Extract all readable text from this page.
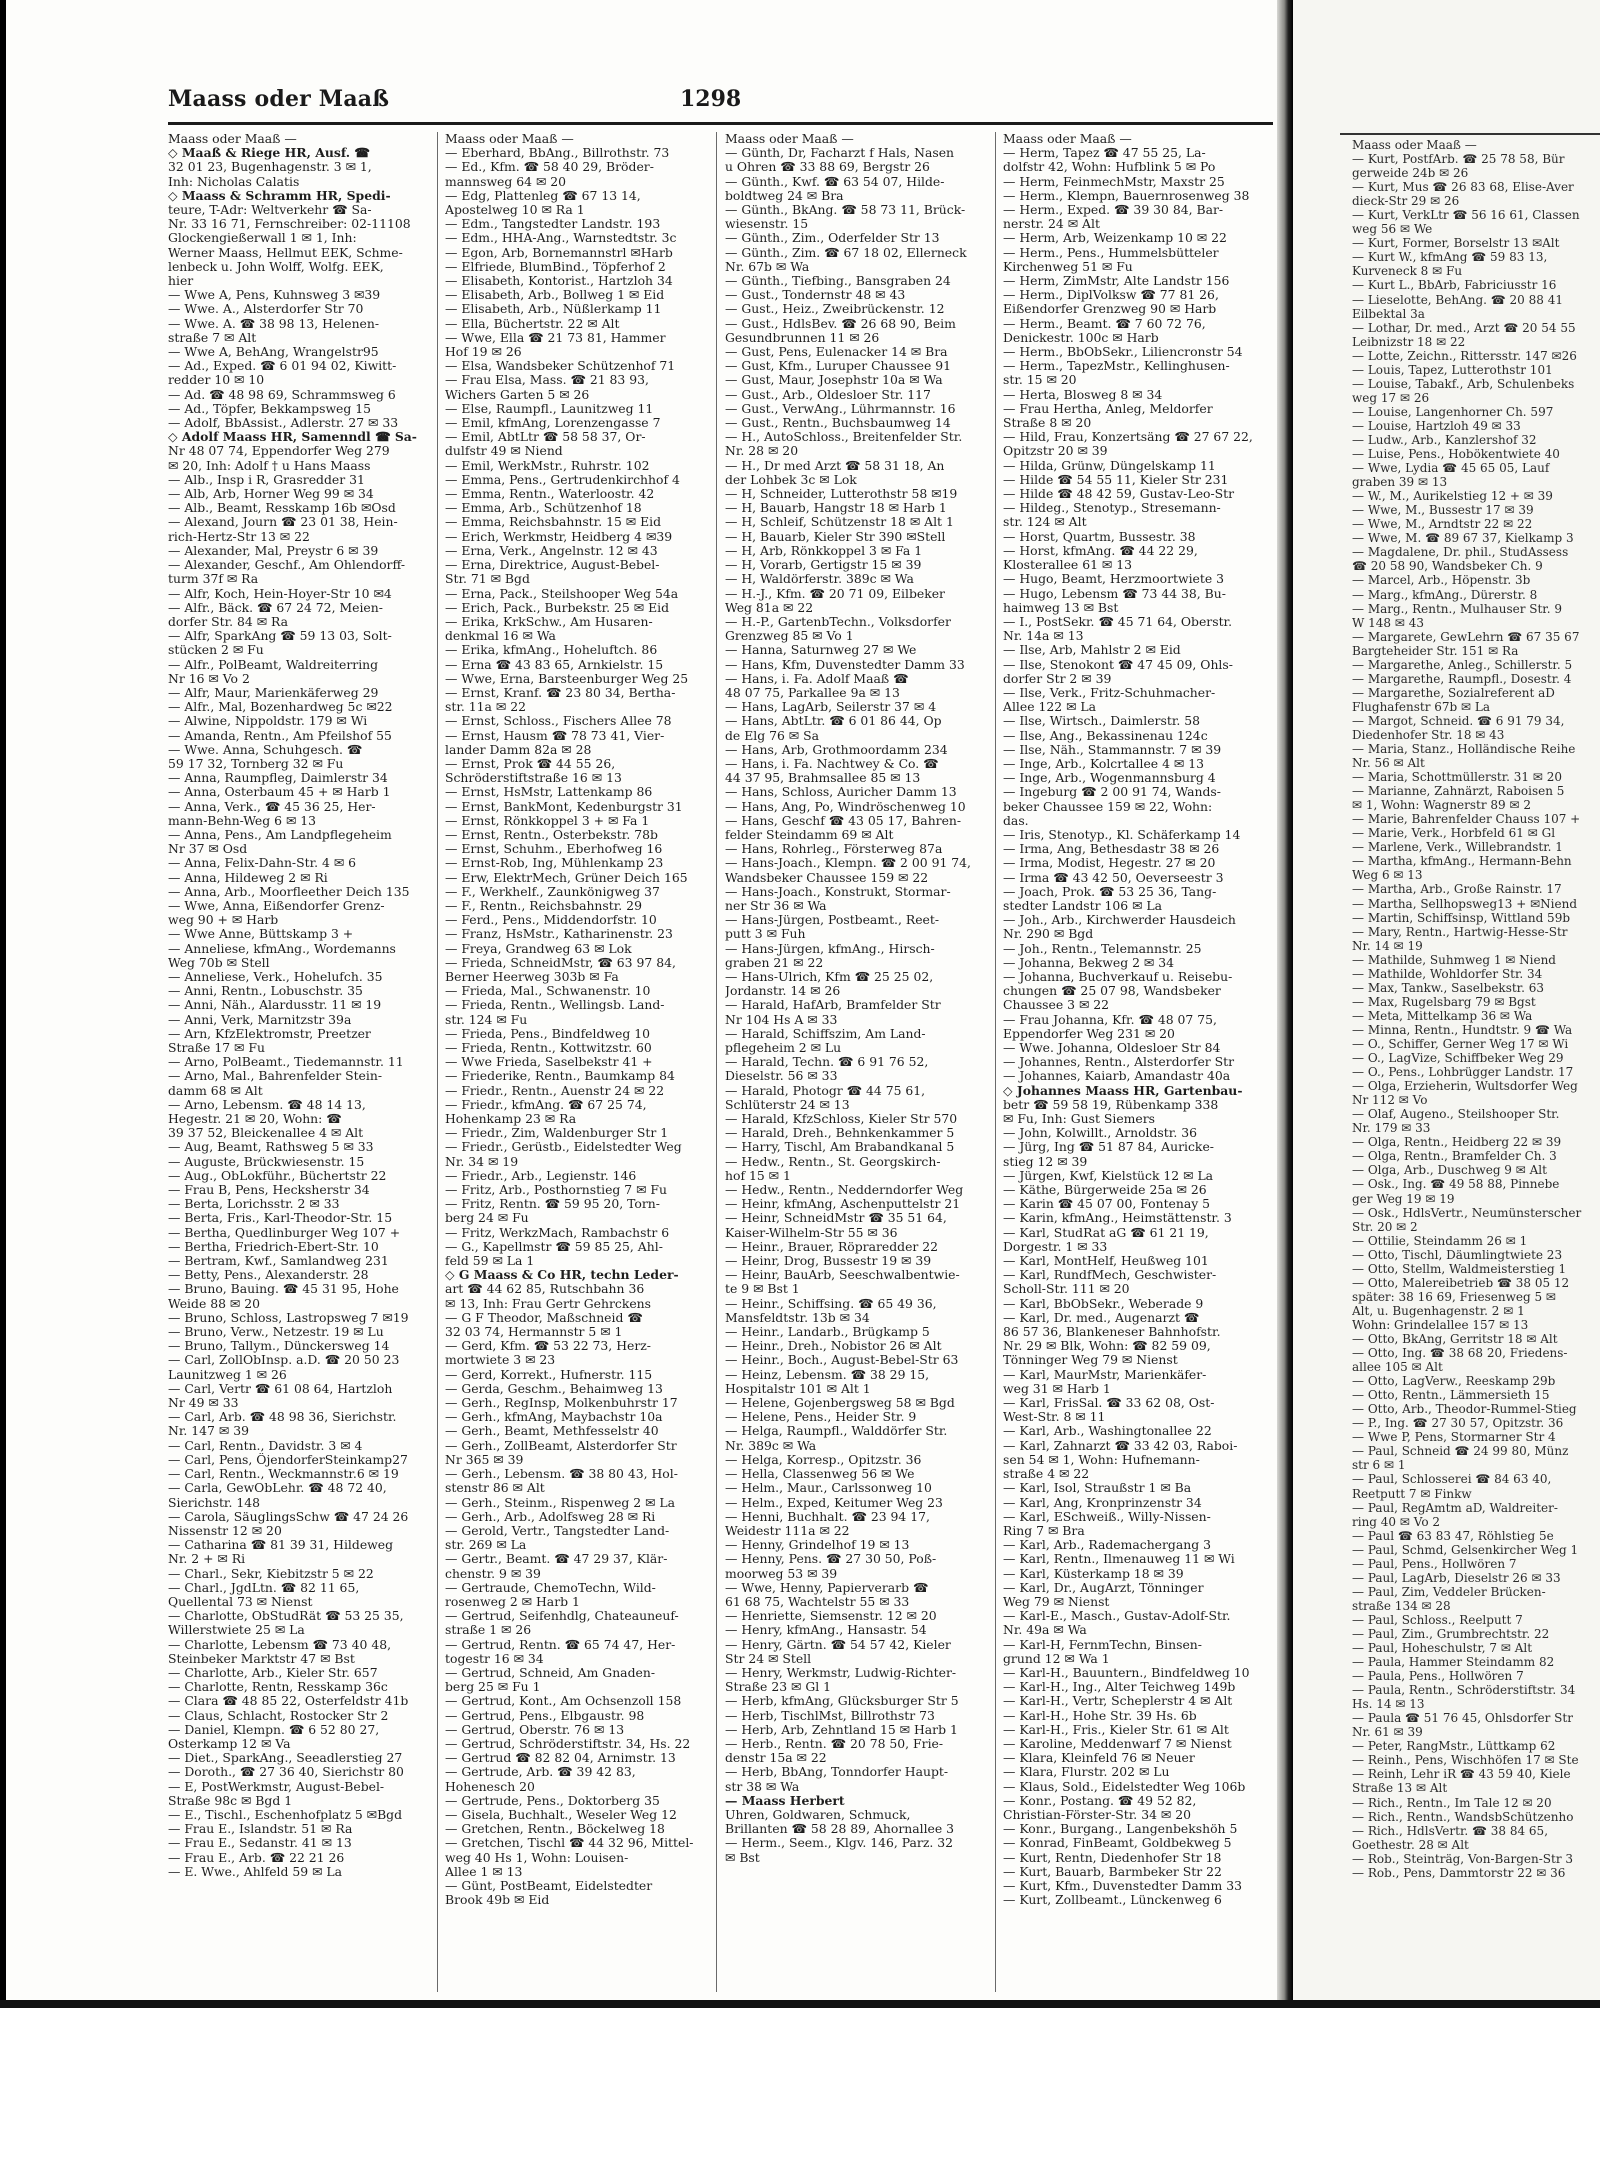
Maass oder Maaß	1298
Maass oder Maaß —
◇ Maaß & Riege HR, Ausf. ☎
32 01 23, Bugenhagenstr. 3 ✉ 1,
Inh: Nicholas Calatis
◇ Maass & Schramm HR, Spedi-
teure, T-Adr: Weltverkehr ☎ Sa-
Nr. 33 16 71, Fernschreiber: 02-11108
Glockengießerwall 1 ✉ 1, Inh:
Werner Maass, Hellmut EEK, Schme-
lenbeck u. John Wolff, Wolfg. EEK,
hier
— Wwe A, Pens, Kuhnsweg 3 ✉39
— Wwe. A., Alsterdorfer Str 70
— Wwe. A. ☎ 38 98 13, Helenen-
straße 7 ✉ Alt
— Wwe A, BehAng, Wrangelstr95
— Ad., Exped. ☎ 6 01 94 02, Kiwitt-
redder 10 ✉ 10
— Ad. ☎ 48 98 69, Schrammsweg 6
— Ad., Töpfer, Bekkampsweg 15
— Adolf, BbAssist., Adlerstr. 27 ✉ 33
◇ Adolf Maass HR, Samenndl ☎ Sa-
Nr 48 07 74, Eppendorfer Weg 279
✉ 20, Inh: Adolf † u Hans Maass
— Alb., Insp i R, Grasredder 31
— Alb, Arb, Horner Weg 99 ✉ 34
— Alb., Beamt, Resskamp 16b ✉Osd
— Alexand, Journ ☎ 23 01 38, Hein-
rich-Hertz-Str 13 ✉ 22
— Alexander, Mal, Preystr 6 ✉ 39
— Alexander, Geschf., Am Ohlendorff-
turm 37f ✉ Ra
— Alfr, Koch, Hein-Hoyer-Str 10 ✉4
— Alfr., Bäck. ☎ 67 24 72, Meien-
dorfer Str. 84 ✉ Ra
— Alfr, SparkAng ☎ 59 13 03, Solt-
stücken 2 ✉ Fu
— Alfr., PolBeamt, Waldreiterring
Nr 16 ✉ Vo 2
— Alfr, Maur, Marienkäferweg 29
— Alfr., Mal, Bozenhardweg 5c ✉22
— Alwine, Nippoldstr. 179 ✉ Wi
— Amanda, Rentn., Am Pfeilshof 55
— Wwe. Anna, Schuhgesch. ☎
59 17 32, Tornberg 32 ✉ Fu
— Anna, Raumpfleg, Daimlerstr 34
— Anna, Osterbaum 45 + ✉ Harb 1
— Anna, Verk., ☎ 45 36 25, Her-
mann-Behn-Weg 6 ✉ 13
— Anna, Pens., Am Landpflegeheim
Nr 37 ✉ Osd
— Anna, Felix-Dahn-Str. 4 ✉ 6
— Anna, Hildeweg 2 ✉ Ri
— Anna, Arb., Moorfleether Deich 135
— Wwe, Anna, Eißendorfer Grenz-
weg 90 + ✉ Harb
— Wwe Anne, Büttskamp 3 +
— Anneliese, kfmAng., Wordemanns
Weg 70b ✉ Stell
— Anneliese, Verk., Hohelufch. 35
— Anni, Rentn., Lobuschstr. 35
— Anni, Näh., Alardusstr. 11 ✉ 19
— Anni, Verk, Marnitzstr 39a
— Arn, KfzElektromstr, Preetzer
Straße 17 ✉ Fu
— Arno, PolBeamt., Tiedemannstr. 11
— Arno, Mal., Bahrenfelder Stein-
damm 68 ✉ Alt
— Arno, Lebensm. ☎ 48 14 13,
Hegestr. 21 ✉ 20, Wohn: ☎
39 37 52, Bleickenallee 4 ✉ Alt
— Aug, Beamt, Rathsweg 5 ✉ 33
— Auguste, Brückwiesenstr. 15
— Aug., ObLokführ., Büchertstr 22
— Frau B, Pens, Hecksherstr 34
— Berta, Lorichsstr. 2 ✉ 33
— Berta, Fris., Karl-Theodor-Str. 15
— Bertha, Quedlinburger Weg 107 +
— Bertha, Friedrich-Ebert-Str. 10
— Bertram, Kwf., Samlandweg 231
— Betty, Pens., Alexanderstr. 28
— Bruno, Bauing. ☎ 45 31 95, Hohe
Weide 88 ✉ 20
— Bruno, Schloss, Lastropsweg 7 ✉19
— Bruno, Verw., Netzestr. 19 ✉ Lu
— Bruno, Tallym., Dünckersweg 14
— Carl, ZollObInsp. a.D. ☎ 20 50 23
Launitzweg 1 ✉ 26
— Carl, Vertr ☎ 61 08 64, Hartzloh
Nr 49 ✉ 33
— Carl, Arb. ☎ 48 98 36, Sierichstr.
Nr. 147 ✉ 39
— Carl, Rentn., Davidstr. 3 ✉ 4
— Carl, Pens, ÖjendorferSteinkamp27
— Carl, Rentn., Weckmannstr.6 ✉ 19
— Carla, GewObLehr. ☎ 48 72 40,
Sierichstr. 148
— Carola, SäuglingsSchw ☎ 47 24 26
Nissenstr 12 ✉ 20
— Catharina ☎ 81 39 31, Hildeweg
Nr. 2 + ✉ Ri
— Charl., Sekr, Kiebitzstr 5 ✉ 22
— Charl., JgdLtn. ☎ 82 11 65,
Quellental 73 ✉ Nienst
— Charlotte, ObStudRät ☎ 53 25 35,
Willerstwiete 25 ✉ La
— Charlotte, Lebensm ☎ 73 40 48,
Steinbeker Marktstr 47 ✉ Bst
— Charlotte, Arb., Kieler Str. 657
— Charlotte, Rentn, Resskamp 36c
— Clara ☎ 48 85 22, Osterfeldstr 41b
— Claus, Schlacht, Rostocker Str 2
— Daniel, Klempn. ☎ 6 52 80 27,
Osterkamp 12 ✉ Va
— Diet., SparkAng., Seeadlerstieg 27
— Doroth., ☎ 27 36 40, Sierichstr 80
— E, PostWerkmstr, August-Bebel-
Straße 98c ✉ Bgd 1
— E., Tischl., Eschenhofplatz 5 ✉Bgd
— Frau E., Islandstr. 51 ✉ Ra
— Frau E., Sedanstr. 41 ✉ 13
— Frau E., Arb. ☎ 22 21 26
— E. Wwe., Ahlfeld 59 ✉ La
Maass oder Maaß —
— Eberhard, BbAng., Billrothstr. 73
— Ed., Kfm. ☎ 58 40 29, Bröder-
mannsweg 64 ✉ 20
— Edg, Plattenleg ☎ 67 13 14,
Apostelweg 10 ✉ Ra 1
— Edm., Tangstedter Landstr. 193
— Edm., HHA-Ang., Warnstedtstr. 3c
— Egon, Arb, Bornemannstrl ✉Harb
— Elfriede, BlumBind., Töpferhof 2
— Elisabeth, Kontorist., Hartzloh 34
— Elisabeth, Arb., Bollweg 1 ✉ Eid
— Elisabeth, Arb., Nüßlerkamp 11
— Ella, Büchertstr. 22 ✉ Alt
— Wwe, Ella ☎ 21 73 81, Hammer
Hof 19 ✉ 26
— Elsa, Wandsbeker Schützenhof 71
— Frau Elsa, Mass. ☎ 21 83 93,
Wichers Garten 5 ✉ 26
— Else, Raumpfl., Launitzweg 11
— Emil, kfmAng, Lorenzengasse 7
— Emil, AbtLtr ☎ 58 58 37, Or-
dulfstr 49 ✉ Niend
— Emil, WerkMstr., Ruhrstr. 102
— Emma, Pens., Gertrudenkirchhof 4
— Emma, Rentn., Waterloostr. 42
— Emma, Arb., Schützenhof 18
— Emma, Reichsbahnstr. 15 ✉ Eid
— Erich, Werkmstr, Heidberg 4 ✉39
— Erna, Verk., Angelnstr. 12 ✉ 43
— Erna, Direktrice, August-Bebel-
Str. 71 ✉ Bgd
— Erna, Pack., Steilshooper Weg 54a
— Erich, Pack., Burbekstr. 25 ✉ Eid
— Erika, KrkSchw., Am Husaren-
denkmal 16 ✉ Wa
— Erika, kfmAng., Hoheluftch. 86
— Erna ☎ 43 83 65, Arnkielstr. 15
— Wwe, Erna, Barsteenburger Weg 25
— Ernst, Kranf. ☎ 23 80 34, Bertha-
str. 11a ✉ 22
— Ernst, Schloss., Fischers Allee 78
— Ernst, Hausm ☎ 78 73 41, Vier-
lander Damm 82a ✉ 28
— Ernst, Prok ☎ 44 55 26,
Schröderstiftstraße 16 ✉ 13
— Ernst, HsMstr, Lattenkamp 86
— Ernst, BankMont, Kedenburgstr 31
— Ernst, Rönkkoppel 3 + ✉ Fa 1
— Ernst, Rentn., Osterbekstr. 78b
— Ernst, Schuhm., Eberhofweg 16
— Ernst-Rob, Ing, Mühlenkamp 23
— Erw, ElektrMech, Grüner Deich 165
— F., Werkhelf., Zaunkönigweg 37
— F., Rentn., Reichsbahnstr. 29
— Ferd., Pens., Middendorfstr. 10
— Franz, HsMstr., Katharinenstr. 23
— Freya, Grandweg 63 ✉ Lok
— Frieda, SchneidMstr, ☎ 63 97 84,
Berner Heerweg 303b ✉ Fa
— Frieda, Mal., Schwanenstr. 10
— Frieda, Rentn., Wellingsb. Land-
str. 124 ✉ Fu
— Frieda, Pens., Bindfeldweg 10
— Frieda, Rentn., Kottwitzstr. 60
— Wwe Frieda, Saselbekstr 41 +
— Friederike, Rentn., Baumkamp 84
— Friedr., Rentn., Auenstr 24 ✉ 22
— Friedr., kfmAng. ☎ 67 25 74,
Hohenkamp 23 ✉ Ra
— Friedr., Zim, Waldenburger Str 1
— Friedr., Gerüstb., Eidelstedter Weg
Nr. 34 ✉ 19
— Friedr., Arb., Legienstr. 146
— Fritz, Arb., Posthornstieg 7 ✉ Fu
— Fritz, Rentn. ☎ 59 95 20, Torn-
berg 24 ✉ Fu
— Fritz, WerkzMach, Rambachstr 6
— G., Kapellmstr ☎ 59 85 25, Ahl-
feld 59 ✉ La 1
◇ G Maass & Co HR, techn Leder-
art ☎ 44 62 85, Rutschbahn 36
✉ 13, Inh: Frau Gertr Gehrckens
— G F Theodor, Maßschneid ☎
32 03 74, Hermannstr 5 ✉ 1
— Gerd, Kfm. ☎ 53 22 73, Herz-
mortwiete 3 ✉ 23
— Gerd, Korrekt., Hufnerstr. 115
— Gerda, Geschm., Behaimweg 13
— Gerh., RegInsp, Molkenbuhrstr 17
— Gerh., kfmAng, Maybachstr 10a
— Gerh., Beamt, Methfesselstr 40
— Gerh., ZollBeamt, Alsterdorfer Str
Nr 365 ✉ 39
— Gerh., Lebensm. ☎ 38 80 43, Hol-
stenstr 86 ✉ Alt
— Gerh., Steinm., Rispenweg 2 ✉ La
— Gerh., Arb., Adolfsweg 28 ✉ Ri
— Gerold, Vertr., Tangstedter Land-
str. 269 ✉ La
— Gertr., Beamt. ☎ 47 29 37, Klär-
chenstr. 9 ✉ 39
— Gertraude, ChemoTechn, Wild-
rosenweg 2 ✉ Harb 1
— Gertrud, Seifenhdlg, Chateauneuf-
straße 1 ✉ 26
— Gertrud, Rentn. ☎ 65 74 47, Her-
togestr 16 ✉ 34
— Gertrud, Schneid, Am Gnaden-
berg 25 ✉ Fu 1
— Gertrud, Kont., Am Ochsenzoll 158
— Gertrud, Pens., Elbgaustr. 98
— Gertrud, Oberstr. 76 ✉ 13
— Gertrud, Schröderstiftstr. 34, Hs. 22
— Gertrud ☎ 82 82 04, Arnimstr. 13
— Gertrude, Arb. ☎ 39 42 83,
Hohenesch 20
— Gertrude, Pens., Doktorberg 35
— Gisela, Buchhalt., Weseler Weg 12
— Gretchen, Rentn., Böckelweg 18
— Gretchen, Tischl ☎ 44 32 96, Mittel-
weg 40 Hs 1, Wohn: Louisen-
Allee 1 ✉ 13
— Günt, PostBeamt, Eidelstedter
Brook 49b ✉ Eid
Maass oder Maaß —
— Günth, Dr, Facharzt f Hals, Nasen
u Ohren ☎ 33 88 69, Bergstr 26
— Günth., Kwf. ☎ 63 54 07, Hilde-
boldtweg 24 ✉ Bra
— Günth., BkAng. ☎ 58 73 11, Brück-
wiesenstr. 15
— Günth., Zim., Oderfelder Str 13
— Günth., Zim. ☎ 67 18 02, Ellerneck
Nr. 67b ✉ Wa
— Günth., Tiefbing., Bansgraben 24
— Gust., Tondernstr 48 ✉ 43
— Gust., Heiz., Zweibrückenstr. 12
— Gust., HdlsBev. ☎ 26 68 90, Beim
Gesundbrunnen 11 ✉ 26
— Gust, Pens, Eulenacker 14 ✉ Bra
— Gust, Kfm., Luruper Chaussee 91
— Gust, Maur, Josephstr 10a ✉ Wa
— Gust., Arb., Oldesloer Str. 117
— Gust., VerwAng., Lührmannstr. 16
— Gust., Rentn., Buchsbaumweg 14
— H., AutoSchloss., Breitenfelder Str.
Nr. 28 ✉ 20
— H., Dr med Arzt ☎ 58 31 18, An
der Lohbek 3c ✉ Lok
— H, Schneider, Lutterothstr 58 ✉19
— H, Bauarb, Hangstr 18 ✉ Harb 1
— H, Schleif, Schützenstr 18 ✉ Alt 1
— H, Bauarb, Kieler Str 390 ✉Stell
— H, Arb, Rönkkoppel 3 ✉ Fa 1
— H, Vorarb, Gertigstr 15 ✉ 39
— H, Waldörferstr. 389c ✉ Wa
— H.-J., Kfm. ☎ 20 71 09, Eilbeker
Weg 81a ✉ 22
— H.-P., GartenbTechn., Volksdorfer
Grenzweg 85 ✉ Vo 1
— Hanna, Saturnweg 27 ✉ We
— Hans, Kfm, Duvenstedter Damm 33
— Hans, i. Fa. Adolf Maaß ☎
48 07 75, Parkallee 9a ✉ 13
— Hans, LagArb, Seilerstr 37 ✉ 4
— Hans, AbtLtr. ☎ 6 01 86 44, Op
de Elg 76 ✉ Sa
— Hans, Arb, Grothmoordamm 234
— Hans, i. Fa. Nachtwey & Co. ☎
44 37 95, Brahmsallee 85 ✉ 13
— Hans, Schloss, Auricher Damm 13
— Hans, Ang, Po, Windröschenweg 10
— Hans, Geschf ☎ 43 05 17, Bahren-
felder Steindamm 69 ✉ Alt
— Hans, Rohrleg., Försterweg 87a
— Hans-Joach., Klempn. ☎ 2 00 91 74,
Wandsbeker Chaussee 159 ✉ 22
— Hans-Joach., Konstrukt, Stormar-
ner Str 36 ✉ Wa
— Hans-Jürgen, Postbeamt., Reet-
putt 3 ✉ Fuh
— Hans-Jürgen, kfmAng., Hirsch-
graben 21 ✉ 22
— Hans-Ulrich, Kfm ☎ 25 25 02,
Jordanstr. 14 ✉ 26
— Harald, HafArb, Bramfelder Str
Nr 104 Hs A ✉ 33
— Harald, Schiffszim, Am Land-
pflegeheim 2 ✉ Lu
— Harald, Techn. ☎ 6 91 76 52,
Dieselstr. 56 ✉ 33
— Harald, Photogr ☎ 44 75 61,
Schlüterstr 24 ✉ 13
— Harald, KfzSchloss, Kieler Str 570
— Harald, Dreh., Behnkenkammer 5
— Harry, Tischl, Am Brabandkanal 5
— Hedw., Rentn., St. Georgskirch-
hof 15 ✉ 1
— Hedw., Rentn., Nedderndorfer Weg
— Heinr, kfmAng, Aschenputtelstr 21
— Heinr, SchneidMstr ☎ 35 51 64,
Kaiser-Wilhelm-Str 55 ✉ 36
— Heinr., Brauer, Röpraredder 22
— Heinr, Drog, Bussestr 19 ✉ 39
— Heinr, BauArb, Seeschwalbentwie-
te 9 ✉ Bst 1
— Heinr., Schiffsing. ☎ 65 49 36,
Mansfeldtstr. 13b ✉ 34
— Heinr., Landarb., Brügkamp 5
— Heinr., Dreh., Nobistor 26 ✉ Alt
— Heinr., Boch., August-Bebel-Str 63
— Heinz, Lebensm. ☎ 38 29 15,
Hospitalstr 101 ✉ Alt 1
— Helene, Gojenbergsweg 58 ✉ Bgd
— Helene, Pens., Heider Str. 9
— Helga, Raumpfl., Walddörfer Str.
Nr. 389c ✉ Wa
— Helga, Korresp., Opitzstr. 36
— Hella, Classenweg 56 ✉ We
— Helm., Maur., Carlssonweg 10
— Helm., Exped, Keitumer Weg 23
— Henni, Buchhalt. ☎ 23 94 17,
Weidestr 111a ✉ 22
— Henny, Grindelhof 19 ✉ 13
— Henny, Pens. ☎ 27 30 50, Poß-
moorweg 53 ✉ 39
— Wwe, Henny, Papierverarb ☎
61 68 75, Wachtelstr 55 ✉ 33
— Henriette, Siemsenstr. 12 ✉ 20
— Henry, kfmAng., Hansastr. 54
— Henry, Gärtn. ☎ 54 57 42, Kieler
Str 24 ✉ Stell
— Henry, Werkmstr, Ludwig-Richter-
Straße 23 ✉ Gl 1
— Herb, kfmAng, Glücksburger Str 5
— Herb, TischlMst, Billrothstr 73
— Herb, Arb, Zehntland 15 ✉ Harb 1
— Herb., Rentn. ☎ 20 78 50, Frie-
denstr 15a ✉ 22
— Herb, BbAng, Tonndorfer Haupt-
str 38 ✉ Wa
— Maass Herbert
Uhren, Goldwaren, Schmuck,
Brillanten ☎ 58 28 89, Ahornallee 3
— Herm., Seem., Klgv. 146, Parz. 32
✉ Bst
Maass oder Maaß —
— Herm, Tapez ☎ 47 55 25, La-
dolfstr 42, Wohn: Hufblink 5 ✉ Po
— Herm, FeinmechMstr, Maxstr 25
— Herm., Klempn, Bauernrosenweg 38
— Herm., Exped. ☎ 39 30 84, Bar-
nerstr. 24 ✉ Alt
— Herm, Arb, Weizenkamp 10 ✉ 22
— Herm., Pens., Hummelsbütteler
Kirchenweg 51 ✉ Fu
— Herm, ZimMstr, Alte Landstr 156
— Herm., DiplVolksw ☎ 77 81 26,
Eißendorfer Grenzweg 90 ✉ Harb
— Herm., Beamt. ☎ 7 60 72 76,
Denickestr. 100c ✉ Harb
— Herm., BbObSekr., Liliencronstr 54
— Herm., TapezMstr., Kellinghusen-
str. 15 ✉ 20
— Herta, Blosweg 8 ✉ 34
— Frau Hertha, Anleg, Meldorfer
Straße 8 ✉ 20
— Hild, Frau, Konzertsäng ☎ 27 67 22,
Opitzstr 20 ✉ 39
— Hilda, Grünw, Düngelskamp 11
— Hilde ☎ 54 55 11, Kieler Str 231
— Hilde ☎ 48 42 59, Gustav-Leo-Str
— Hildeg., Stenotyp., Stresemann-
str. 124 ✉ Alt
— Horst, Quartm, Bussestr. 38
— Horst, kfmAng. ☎ 44 22 29,
Klosterallee 61 ✉ 13
— Hugo, Beamt, Herzmoortwiete 3
— Hugo, Lebensm ☎ 73 44 38, Bu-
haimweg 13 ✉ Bst
— I., PostSekr. ☎ 45 71 64, Oberstr.
Nr. 14a ✉ 13
— Ilse, Arb, Mahlstr 2 ✉ Eid
— Ilse, Stenokont ☎ 47 45 09, Ohls-
dorfer Str 2 ✉ 39
— Ilse, Verk., Fritz-Schuhmacher-
Allee 122 ✉ La
— Ilse, Wirtsch., Daimlerstr. 58
— Ilse, Ang., Bekassinenau 124c
— Ilse, Näh., Stammannstr. 7 ✉ 39
— Inge, Arb., Kolcrtallee 4 ✉ 13
— Inge, Arb., Wogenmannsburg 4
— Ingeburg ☎ 2 00 91 74, Wands-
beker Chaussee 159 ✉ 22, Wohn:
das.
— Iris, Stenotyp., Kl. Schäferkamp 14
— Irma, Ang, Bethesdastr 38 ✉ 26
— Irma, Modist, Hegestr. 27 ✉ 20
— Irma ☎ 43 42 50, Oeverseestr 3
— Joach, Prok. ☎ 53 25 36, Tang-
stedter Landstr 106 ✉ La
— Joh., Arb., Kirchwerder Hausdeich
Nr. 290 ✉ Bgd
— Joh., Rentn., Telemannstr. 25
— Johanna, Bekweg 2 ✉ 34
— Johanna, Buchverkauf u. Reisebu-
chungen ☎ 25 07 98, Wandsbeker
Chaussee 3 ✉ 22
— Frau Johanna, Kfr. ☎ 48 07 75,
Eppendorfer Weg 231 ✉ 20
— Wwe. Johanna, Oldesloer Str 84
— Johannes, Rentn., Alsterdorfer Str
— Johannes, Kaiarb, Amandastr 40a
◇ Johannes Maass HR, Gartenbau-
betr ☎ 59 58 19, Rübenkamp 338
✉ Fu, Inh: Gust Siemers
— John, Kolwillt., Arnoldstr. 36
— Jürg, Ing ☎ 51 87 84, Auricke-
stieg 12 ✉ 39
— Jürgen, Kwf, Kielstück 12 ✉ La
— Käthe, Bürgerweide 25a ✉ 26
— Karin ☎ 45 07 00, Fontenay 5
— Karin, kfmAng., Heimstättenstr. 3
— Karl, StudRat aG ☎ 61 21 19,
Dorgestr. 1 ✉ 33
— Karl, MontHelf, Heußweg 101
— Karl, RundfMech, Geschwister-
Scholl-Str. 111 ✉ 20
— Karl, BbObSekr., Weberade 9
— Karl, Dr. med., Augenarzt ☎
86 57 36, Blankeneser Bahnhofstr.
Nr. 29 ✉ Blk, Wohn: ☎ 82 59 09,
Tönninger Weg 79 ✉ Nienst
— Karl, MaurMstr, Marienkäfer-
weg 31 ✉ Harb 1
— Karl, FrisSal. ☎ 33 62 08, Ost-
West-Str. 8 ✉ 11
— Karl, Arb., Washingtonallee 22
— Karl, Zahnarzt ☎ 33 42 03, Raboi-
sen 54 ✉ 1, Wohn: Hufnemann-
straße 4 ✉ 22
— Karl, Isol, Straußstr 1 ✉ Ba
— Karl, Ang, Kronprinzenstr 34
— Karl, ESchweiß., Willy-Nissen-
Ring 7 ✉ Bra
— Karl, Arb., Rademachergang 3
— Karl, Rentn., Ilmenauweg 11 ✉ Wi
— Karl, Küsterkamp 18 ✉ 39
— Karl, Dr., AugArzt, Tönninger
Weg 79 ✉ Nienst
— Karl-E., Masch., Gustav-Adolf-Str.
Nr. 49a ✉ Wa
— Karl-H, FernmTechn, Binsen-
grund 12 ✉ Wa 1
— Karl-H., Bauuntern., Bindfeldweg 10
— Karl-H., Ing., Alter Teichweg 149b
— Karl-H., Vertr, Scheplerstr 4 ✉ Alt
— Karl-H., Hohe Str. 39 Hs. 6b
— Karl-H., Fris., Kieler Str. 61 ✉ Alt
— Karoline, Meddenwarf 7 ✉ Nienst
— Klara, Kleinfeld 76 ✉ Neuer
— Klara, Flurstr. 202 ✉ Lu
— Klaus, Sold., Eidelstedter Weg 106b
— Konr., Postang. ☎ 49 52 82,
Christian-Förster-Str. 34 ✉ 20
— Konr., Burgang., Langenbekshöh 5
— Konrad, FinBeamt, Goldbekweg 5
— Kurt, Rentn, Diedenhofer Str 18
— Kurt, Bauarb, Barmbeker Str 22
— Kurt, Kfm., Duvenstedter Damm 33
— Kurt, Zollbeamt., Lünckenweg 6
Maass oder Maaß —
— Kurt, PostfArb. ☎ 25 78 58, Bür
gerweide 24b ✉ 26
— Kurt, Mus ☎ 26 83 68, Elise-Aver
dieck-Str 29 ✉ 26
— Kurt, VerkLtr ☎ 56 16 61, Classen
weg 56 ✉ We
— Kurt, Former, Borselstr 13 ✉Alt
— Kurt W., kfmAng ☎ 59 83 13,
Kurveneck 8 ✉ Fu
— Kurt L., BbArb, Fabriciusstr 16
— Lieselotte, BehAng. ☎ 20 88 41
Eilbektal 3a
— Lothar, Dr. med., Arzt ☎ 20 54 55
Leibnizstr 18 ✉ 22
— Lotte, Zeichn., Rittersstr. 147 ✉26
— Louis, Tapez, Lutterothstr 101
— Louise, Tabakf., Arb, Schulenbeks
weg 17 ✉ 26
— Louise, Langenhorner Ch. 597
— Louise, Hartzloh 49 ✉ 33
— Ludw., Arb., Kanzlershof 32
— Luise, Pens., Hobökentwiete 40
— Wwe, Lydia ☎ 45 65 05, Lauf
graben 39 ✉ 13
— W., M., Aurikelstieg 12 + ✉ 39
— Wwe, M., Bussestr 17 ✉ 39
— Wwe, M., Arndtstr 22 ✉ 22
— Wwe, M. ☎ 89 67 37, Kielkamp 3
— Magdalene, Dr. phil., StudAssess
☎ 20 58 90, Wandsbeker Ch. 9
— Marcel, Arb., Höpenstr. 3b
— Marg., kfmAng., Dürerstr. 8
— Marg., Rentn., Mulhauser Str. 9
W 148 ✉ 43
— Margarete, GewLehrn ☎ 67 35 67
Bargteheider Str. 151 ✉ Ra
— Margarethe, Anleg., Schillerstr. 5
— Margarethe, Raumpfl., Dosestr. 4
— Margarethe, Sozialreferent aD
Flughafenstr 67b ✉ La
— Margot, Schneid. ☎ 6 91 79 34,
Diedenhofer Str. 18 ✉ 43
— Maria, Stanz., Holländische Reihe
Nr. 56 ✉ Alt
— Maria, Schottmüllerstr. 31 ✉ 20
— Marianne, Zahnärzt, Raboisen 5
✉ 1, Wohn: Wagnerstr 89 ✉ 2
— Marie, Bahrenfelder Chauss 107 +
— Marie, Verk., Horbfeld 61 ✉ Gl
— Marlene, Verk., Willebrandstr. 1
— Martha, kfmAng., Hermann-Behn
Weg 6 ✉ 13
— Martha, Arb., Große Rainstr. 17
— Martha, Sellhopsweg13 + ✉Niend
— Martin, Schiffsinsp, Wittland 59b
— Mary, Rentn., Hartwig-Hesse-Str
Nr. 14 ✉ 19
— Mathilde, Suhmweg 1 ✉ Niend
— Mathilde, Wohldorfer Str. 34
— Max, Tankw., Saselbekstr. 63
— Max, Rugelsbarg 79 ✉ Bgst
— Meta, Mittelkamp 36 ✉ Wa
— Minna, Rentn., Hundtstr. 9 ☎ Wa
— O., Schiffer, Gerner Weg 17 ✉ Wi
— O., LagVize, Schiffbeker Weg 29
— O., Pens., Lohbrügger Landstr. 17
— Olga, Erzieherin, Wultsdorfer Weg
Nr 112 ✉ Vo
— Olaf, Augeno., Steilshooper Str.
Nr. 179 ✉ 33
— Olga, Rentn., Heidberg 22 ✉ 39
— Olga, Rentn., Bramfelder Ch. 3
— Olga, Arb., Duschweg 9 ✉ Alt
— Osk., Ing. ☎ 49 58 88, Pinnebe
ger Weg 19 ✉ 19
— Osk., HdlsVertr., Neumünsterscher
Str. 20 ✉ 2
— Ottilie, Steindamm 26 ✉ 1
— Otto, Tischl, Däumlingtwiete 23
— Otto, Stellm, Waldmeisterstieg 1
— Otto, Malereibetrieb ☎ 38 05 12
später: 38 16 69, Friesenweg 5 ✉
Alt, u. Bugenhagenstr. 2 ✉ 1
Wohn: Grindelallee 157 ✉ 13
— Otto, BkAng, Gerritstr 18 ✉ Alt
— Otto, Ing. ☎ 38 68 20, Friedens-
allee 105 ✉ Alt
— Otto, LagVerw., Reeskamp 29b
— Otto, Rentn., Lämmersieth 15
— Otto, Arb., Theodor-Rummel-Stieg
— P., Ing. ☎ 27 30 57, Opitzstr. 36
— Wwe P, Pens, Stormarner Str 4
— Paul, Schneid ☎ 24 99 80, Münz
str 6 ✉ 1
— Paul, Schlosserei ☎ 84 63 40,
Reetputt 7 ✉ Finkw
— Paul, RegAmtm aD, Waldreiter-
ring 40 ✉ Vo 2
— Paul ☎ 63 83 47, Röhlstieg 5e
— Paul, Schmd, Gelsenkircher Weg 1
— Paul, Pens., Hollwören 7
— Paul, LagArb, Dieselstr 26 ✉ 33
— Paul, Zim, Veddeler Brücken-
straße 134 ✉ 28
— Paul, Schloss., Reelputt 7
— Paul, Zim., Grumbrechtstr. 22
— Paul, Hoheschulstr, 7 ✉ Alt
— Paula, Hammer Steindamm 82
— Paula, Pens., Hollwören 7
— Paula, Rentn., Schröderstiftstr. 34
Hs. 14 ✉ 13
— Paula ☎ 51 76 45, Ohlsdorfer Str
Nr. 61 ✉ 39
— Peter, RangMstr., Lüttkamp 62
— Reinh., Pens, Wischhöfen 17 ✉ Ste
— Reinh, Lehr iR ☎ 43 59 40, Kiele
Straße 13 ✉ Alt
— Rich., Rentn., Im Tale 12 ✉ 20
— Rich., Rentn., WandsbSchützenho
— Rich., HdlsVertr. ☎ 38 84 65,
Goethestr. 28 ✉ Alt
— Rob., Steinträg, Von-Bargen-Str 3
— Rob., Pens, Dammtorstr 22 ✉ 36
